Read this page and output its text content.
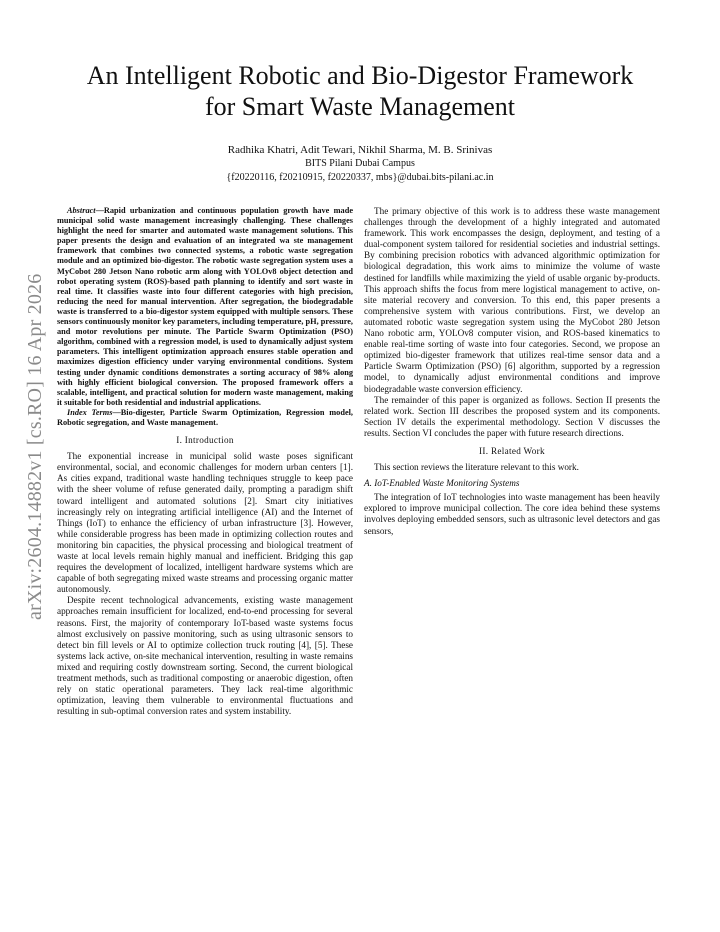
arXiv:2604.14882v1 [cs.RO] 16 Apr 2026
An Intelligent Robotic and Bio-Digestor Framework
for Smart Waste Management
Radhika Khatri, Adit Tewari, Nikhil Sharma, M. B. Srinivas
BITS Pilani Dubai Campus
{f20220116, f20210915, f20220337, mbs}@dubai.bits-pilani.ac.in

Abstract—Rapid urbanization and continuous population growth have made municipal solid waste management increasingly challenging. These challenges highlight the need for smarter and automated waste management solutions. This paper presents the design and evaluation of an integrated wa ste management framework that combines two connected systems, a robotic waste segregation module and an optimized bio-digestor. The robotic waste segregation system uses a MyCobot 280 Jetson Nano robotic arm along with YOLOv8 object detection and robot operating system (ROS)-based path planning to identify and sort waste in real time. It classifies waste into four different categories with high precision, reducing the need for manual intervention. After segregation, the biodegradable waste is transferred to a bio-digestor system equipped with multiple sensors. These sensors continuously monitor key parameters, including temperature, pH, pressure, and motor revolutions per minute. The Particle Swarm Optimization (PSO) algorithm, combined with a regression model, is used to dynamically adjust system parameters. This intelligent optimization approach ensures stable operation and maximizes digestion efficiency under varying environmental conditions. System testing under dynamic conditions demonstrates a sorting accuracy of 98% along with highly efficient biological conversion. The proposed framework offers a scalable, intelligent, and practical solution for modern waste management, making it suitable for both residential and industrial applications.

Index Terms—Bio-digester, Particle Swarm Optimization, Regression model, Robotic segregation, and Waste management.

I. Introduction

The exponential increase in municipal solid waste poses significant environmental, social, and economic challenges for modern urban centers [1]. As cities expand, traditional waste handling techniques struggle to keep pace with the sheer volume of refuse generated daily, prompting a paradigm shift toward intelligent and automated solutions [2]. Smart city initiatives increasingly rely on integrating artificial intelligence (AI) and the Internet of Things (IoT) to enhance the efficiency of urban infrastructure [3]. However, while considerable progress has been made in optimizing collection routes and monitoring bin capacities, the physical processing and biological treatment of waste at local levels remain highly manual and inefficient. Bridging this gap requires the development of localized, intelligent hardware systems which are capable of both segregating mixed waste streams and processing organic matter autonomously.

Despite recent technological advancements, existing waste management approaches remain insufficient for localized, end-to-end processing for several reasons. First, the majority of contemporary IoT-based waste systems focus almost exclusively on passive monitoring, such as using ultrasonic sensors to detect bin fill levels or AI to optimize collection truck routing [4], [5]. These systems lack active, on-site mechanical intervention, resulting in waste remains mixed and requiring costly downstream sorting. Second, the current biological treatment methods, such as traditional composting or anaerobic digestion, often rely on static operational parameters. They lack real-time algorithmic optimization, leaving them vulnerable to environmental fluctuations and resulting in sub-optimal conversion rates and system instability.

The primary objective of this work is to address these waste management challenges through the development of a highly integrated and automated framework. This work encompasses the design, deployment, and testing of a dual-component system tailored for residential societies and industrial settings. By combining precision robotics with advanced algorithmic optimization for biological degradation, this work aims to minimize the volume of waste destined for landfills while maximizing the yield of usable organic by-products. This approach shifts the focus from mere logistical management to active, on-site material recovery and conversion. To this end, this paper presents a comprehensive system with various contributions. First, we develop an automated robotic waste segregation system using the MyCobot 280 Jetson Nano robotic arm, YOLOv8 computer vision, and ROS-based kinematics to enable real-time sorting of waste into four categories. Second, we propose an optimized bio-digester framework that utilizes real-time sensor data and a Particle Swarm Optimization (PSO) [6] algorithm, supported by a regression model, to dynamically adjust environmental conditions and improve biodegradable waste conversion efficiency.

The remainder of this paper is organized as follows. Section II presents the related work. Section III describes the proposed system and its components. Section IV details the experimental methodology. Section V discusses the results. Section VI concludes the paper with future research directions.

II. Related Work

This section reviews the literature relevant to this work.

A. IoT-Enabled Waste Monitoring Systems

The integration of IoT technologies into waste management has been heavily explored to improve municipal collection. The core idea behind these systems involves deploying embedded sensors, such as ultrasonic level detectors and gas sensors,
